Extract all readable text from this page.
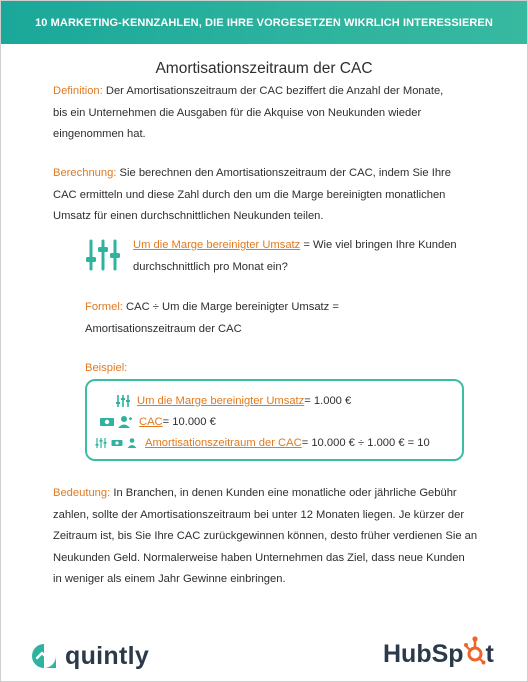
10 MARKETING-KENNZAHLEN, DIE IHRE VORGESETZEN WIKRLICH INTERESSIEREN
Amortisationszeitraum der CAC
Definition: Der Amortisationszeitraum der CAC beziffert die Anzahl der Monate,
bis ein Unternehmen die Ausgaben für die Akquise von Neukunden wieder
eingenommen hat.
Berechnung: Sie berechnen den Amortisationszeitraum der CAC, indem Sie Ihre
CAC ermitteln und diese Zahl durch den um die Marge bereinigten monatlichen
Umsatz für einen durchschnittlichen Neukunden teilen.
Um die Marge bereinigter Umsatz = Wie viel bringen Ihre Kunden
durchschnittlich pro Monat ein?
Formel: CAC ÷ Um die Marge bereinigter Umsatz =
Amortisationszeitraum der CAC
Beispiel:
Um die Marge bereinigter Umsatz = 1.000 €
CAC = 10.000 €
Amortisationszeitraum der CAC = 10.000 € ÷ 1.000 € = 10
Bedeutung: In Branchen, in denen Kunden eine monatliche oder jährliche Gebühr
zahlen, sollte der Amortisationszeitraum bei unter 12 Monaten liegen. Je kürzer der
Zeitraum ist, bis Sie Ihre CAC zurückgewinnen können, desto früher verdienen Sie an
Neukunden Geld. Normalerweise haben Unternehmen das Ziel, dass neue Kunden
in weniger als einem Jahr Gewinne einbringen.
quintly	HubSp t
